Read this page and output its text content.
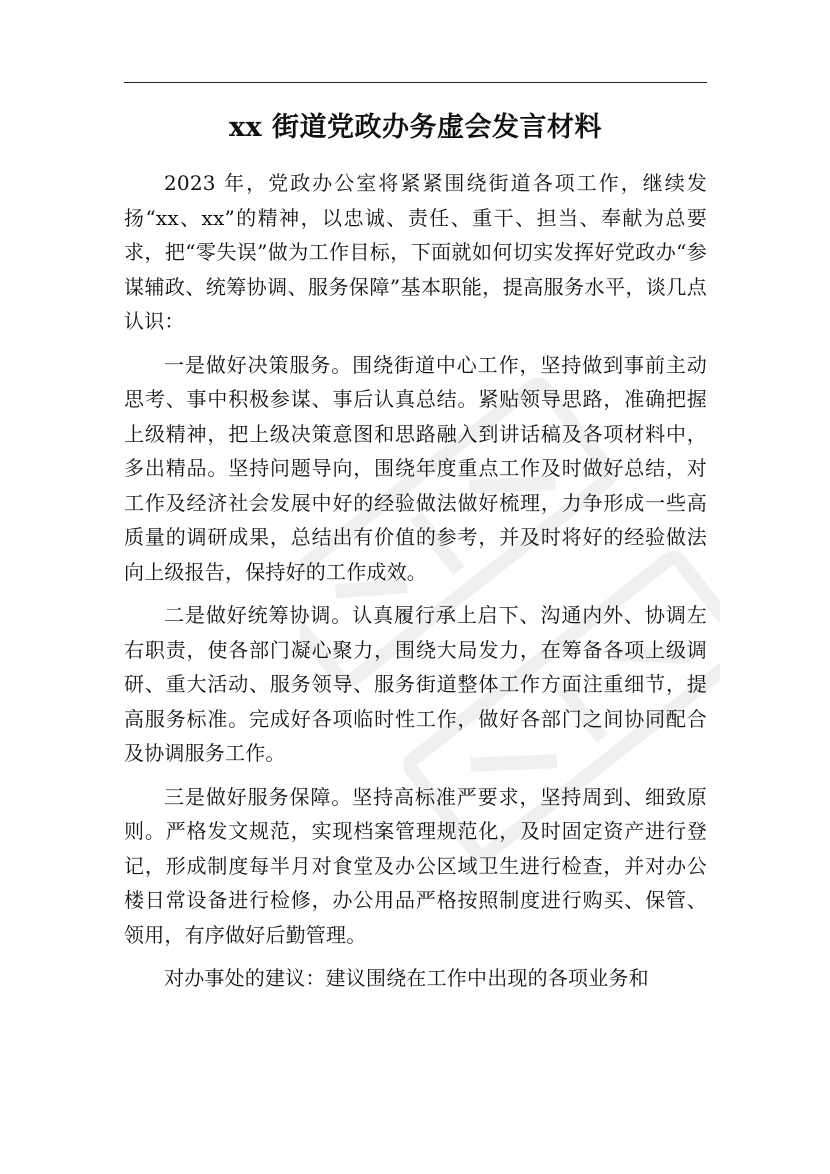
xx 街道党政办务虚会发言材料

2023 年，党政办公室将紧紧围绕街道各项工作，继续发扬“xx、xx”的精神，以忠诚、责任、重干、担当、奉献为总要求，把“零失误”做为工作目标，下面就如何切实发挥好党政办“参谋辅政、统筹协调、服务保障”基本职能，提高服务水平，谈几点认识：

一是做好决策服务。围绕街道中心工作，坚持做到事前主动思考、事中积极参谋、事后认真总结。紧贴领导思路，准确把握上级精神，把上级决策意图和思路融入到讲话稿及各项材料中，多出精品。坚持问题导向，围绕年度重点工作及时做好总结，对工作及经济社会发展中好的经验做法做好梳理，力争形成一些高质量的调研成果，总结出有价值的参考，并及时将好的经验做法向上级报告，保持好的工作成效。

二是做好统筹协调。认真履行承上启下、沟通内外、协调左右职责，使各部门凝心聚力，围绕大局发力，在筹备各项上级调研、重大活动、服务领导、服务街道整体工作方面注重细节，提高服务标准。完成好各项临时性工作，做好各部门之间协同配合及协调服务工作。

三是做好服务保障。坚持高标准严要求，坚持周到、细致原则。严格发文规范，实现档案管理规范化，及时固定资产进行登记，形成制度每半月对食堂及办公区域卫生进行检查，并对办公楼日常设备进行检修，办公用品严格按照制度进行购买、保管、领用，有序做好后勤管理。

对办事处的建议：建议围绕在工作中出现的各项业务和
